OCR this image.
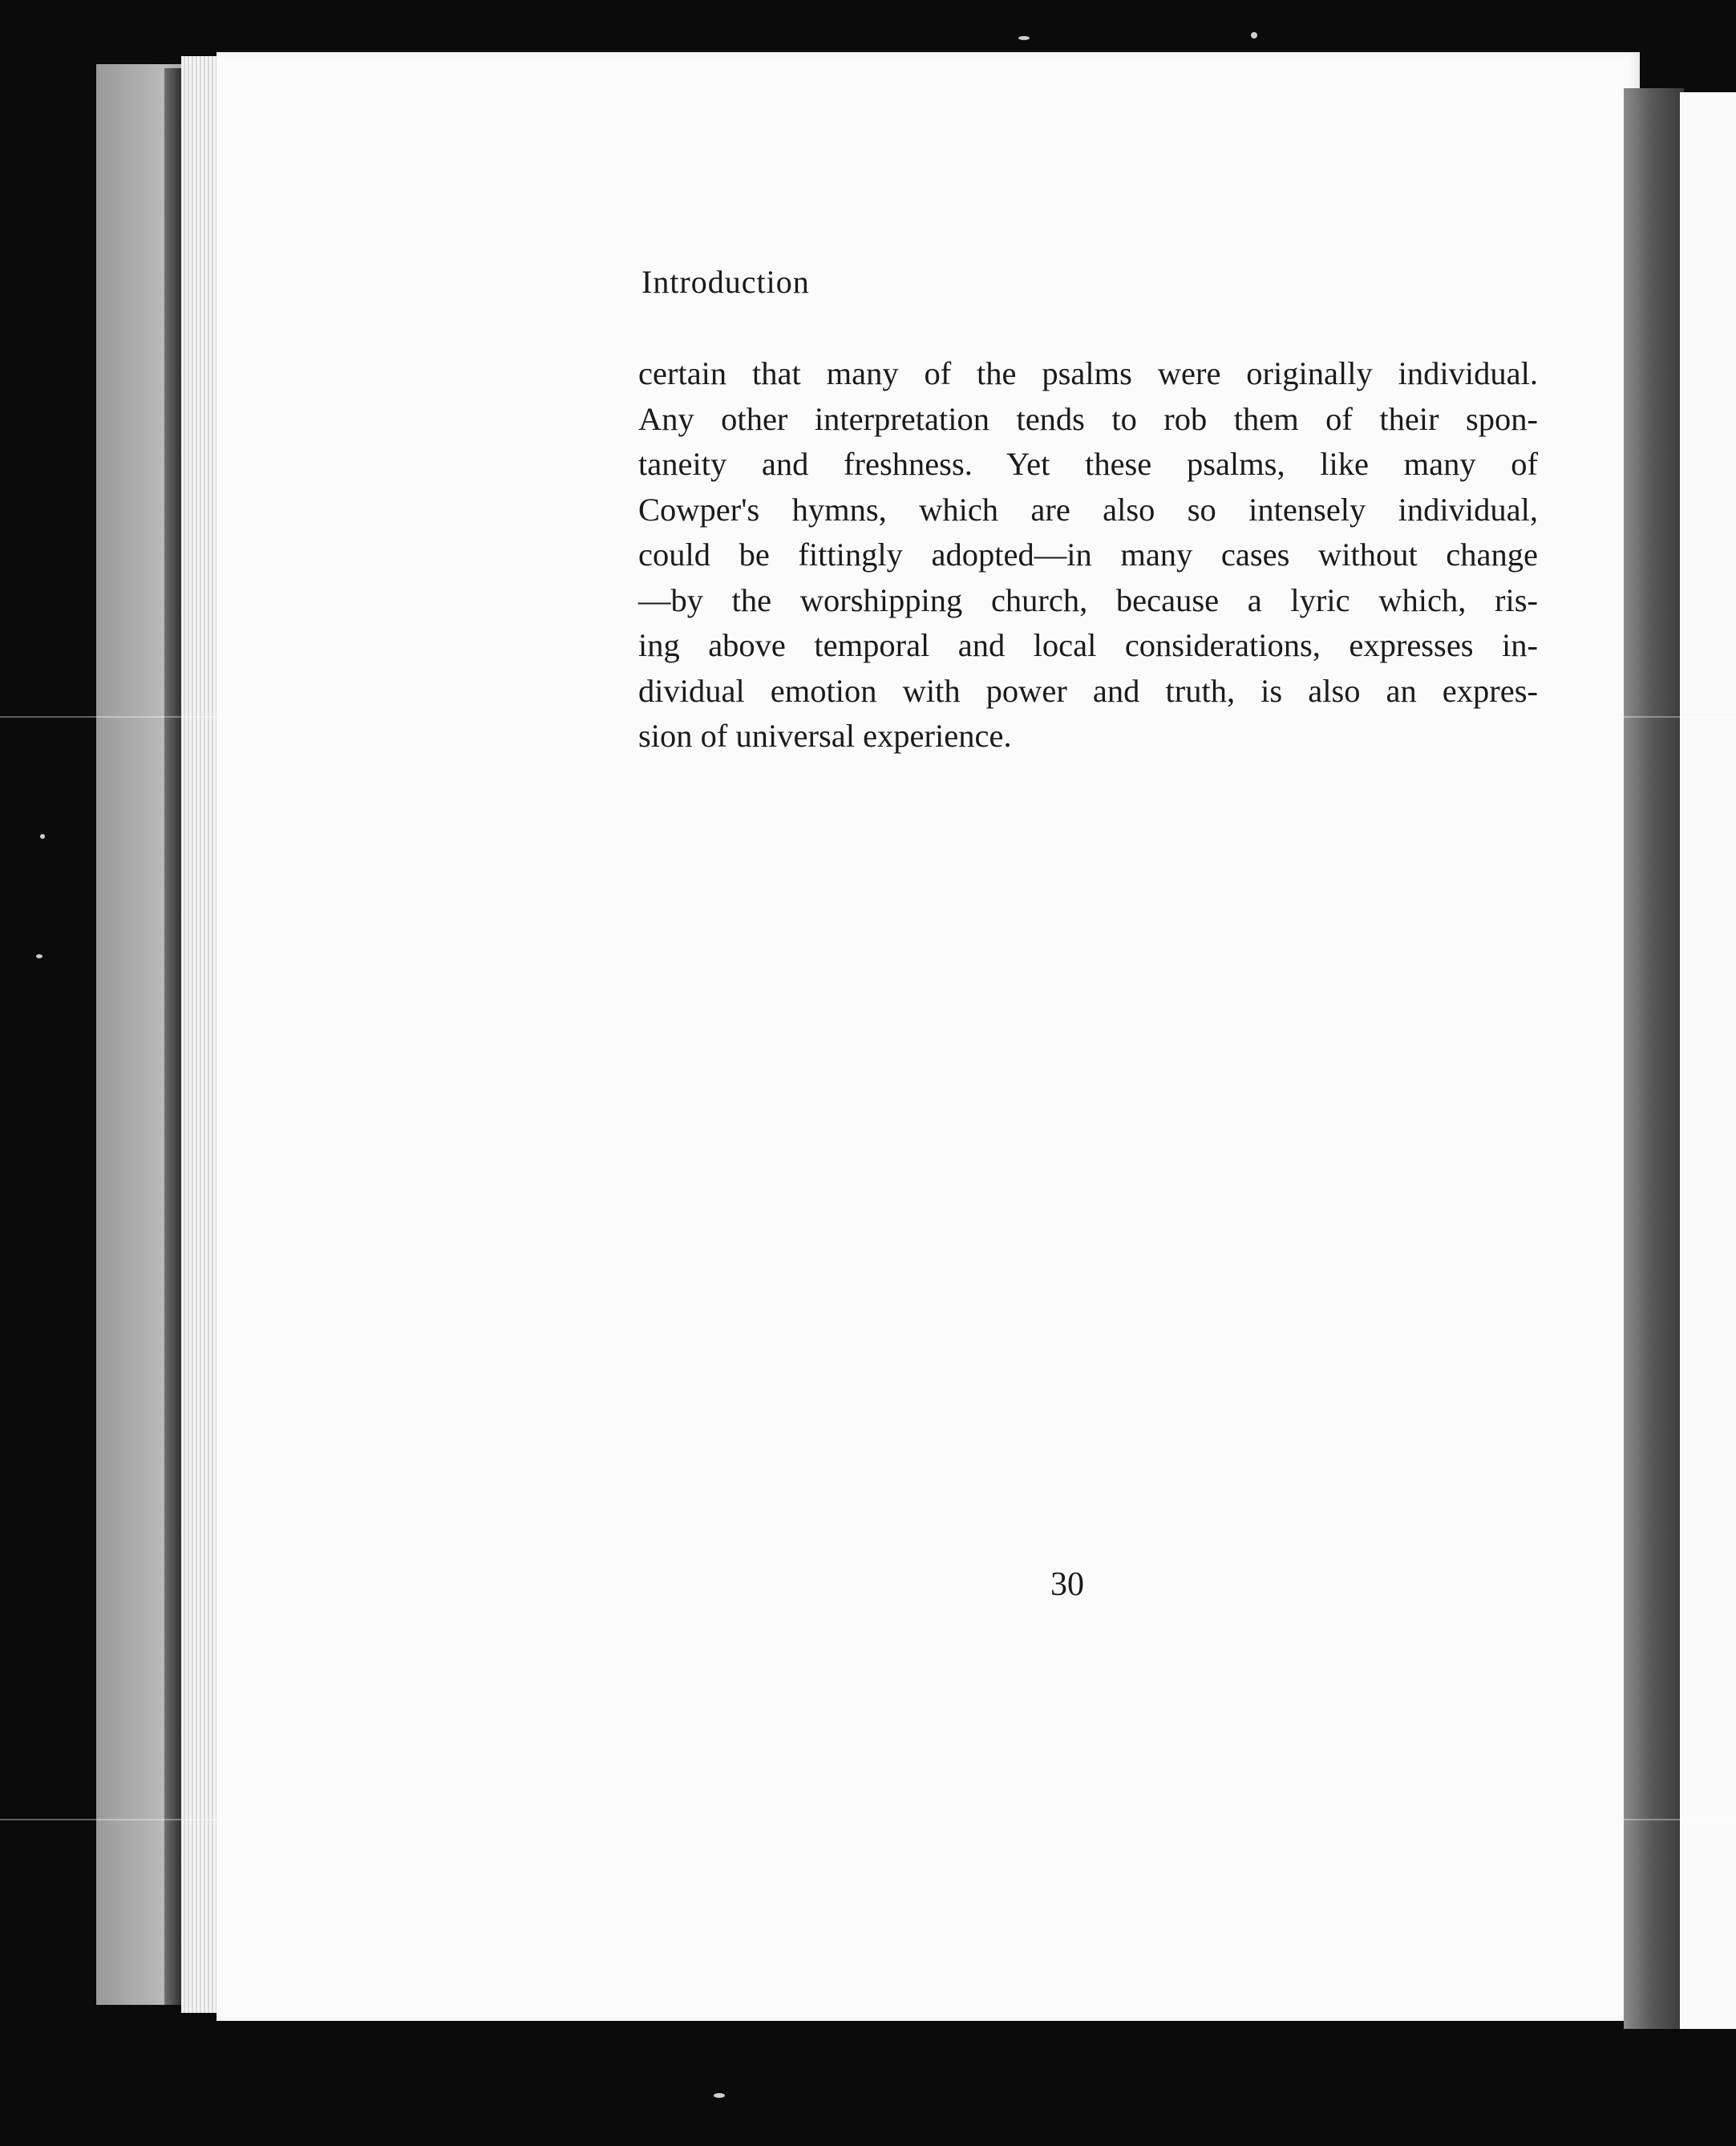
Introduction
certain that many of the psalms were originally individual.
Any other interpretation tends to rob them of their spon-
taneity and freshness. Yet these psalms, like many of
Cowper's hymns, which are also so intensely individual,
could be fittingly adopted—in many cases without change
—by the worshipping church, because a lyric which, ris-
ing above temporal and local considerations, expresses in-
dividual emotion with power and truth, is also an expres-
sion of universal experience.
30
